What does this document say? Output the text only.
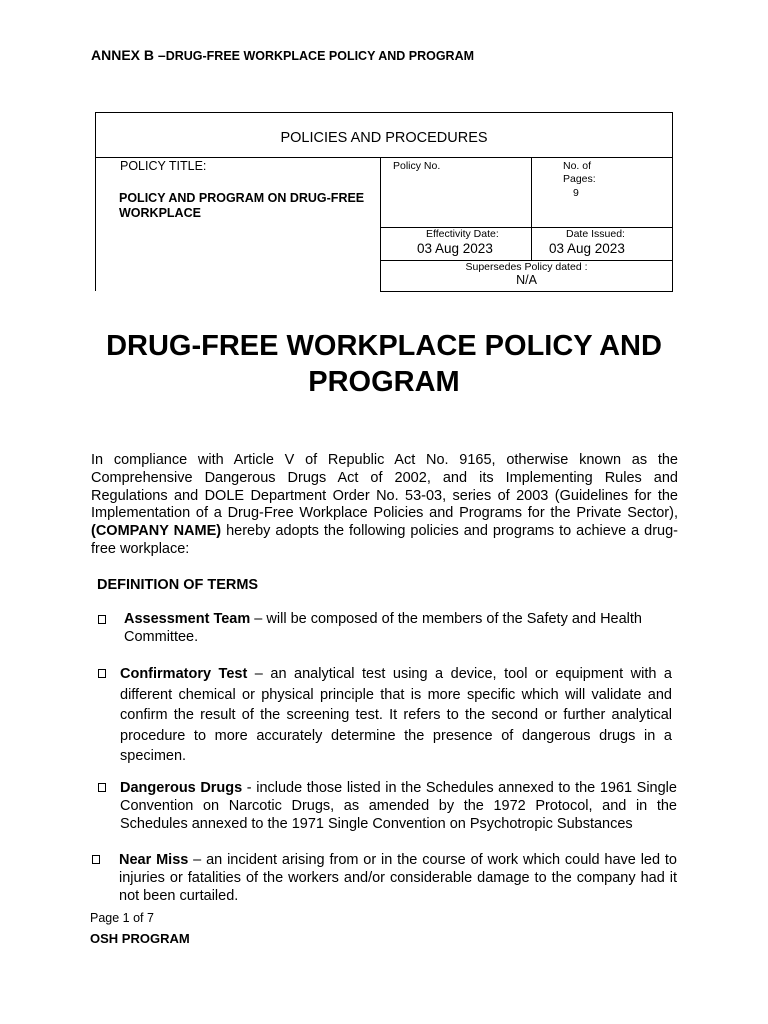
ANNEX B –DRUG-FREE WORKPLACE POLICY AND PROGRAM
POLICIES AND PROCEDURES
POLICY TITLE:
POLICY AND PROGRAM ON DRUG-FREE WORKPLACE
Policy No.	No. of Pages:
9
Effectivity Date:
03 Aug 2023
Date Issued:
03 Aug 2023
Supersedes Policy dated :
N/A
DRUG-FREE WORKPLACE POLICY AND PROGRAM
In compliance with Article V of Republic Act No. 9165, otherwise known as the Comprehensive Dangerous Drugs Act of 2002, and its Implementing Rules and Regulations and DOLE Department Order No. 53-03, series of 2003 (Guidelines for the Implementation of a Drug-Free Workplace Policies and Programs for the Private Sector), (COMPANY NAME) hereby adopts the following policies and programs to achieve a drug-free workplace:
DEFINITION OF TERMS
Assessment Team – will be composed of the members of the Safety and Health Committee.
Confirmatory Test – an analytical test using a device, tool or equipment with a different chemical or physical principle that is more specific which will validate and confirm the result of the screening test. It refers to the second or further analytical procedure to more accurately determine the presence of dangerous drugs in a specimen.
Dangerous Drugs - include those listed in the Schedules annexed to the 1961 Single Convention on Narcotic Drugs, as amended by the 1972 Protocol, and in the Schedules annexed to the 1971 Single Convention on Psychotropic Substances
Near Miss – an incident arising from or in the course of work which could have led to injuries or fatalities of the workers and/or considerable damage to the company had it not been curtailed.
Page 1 of 7
OSH PROGRAM
